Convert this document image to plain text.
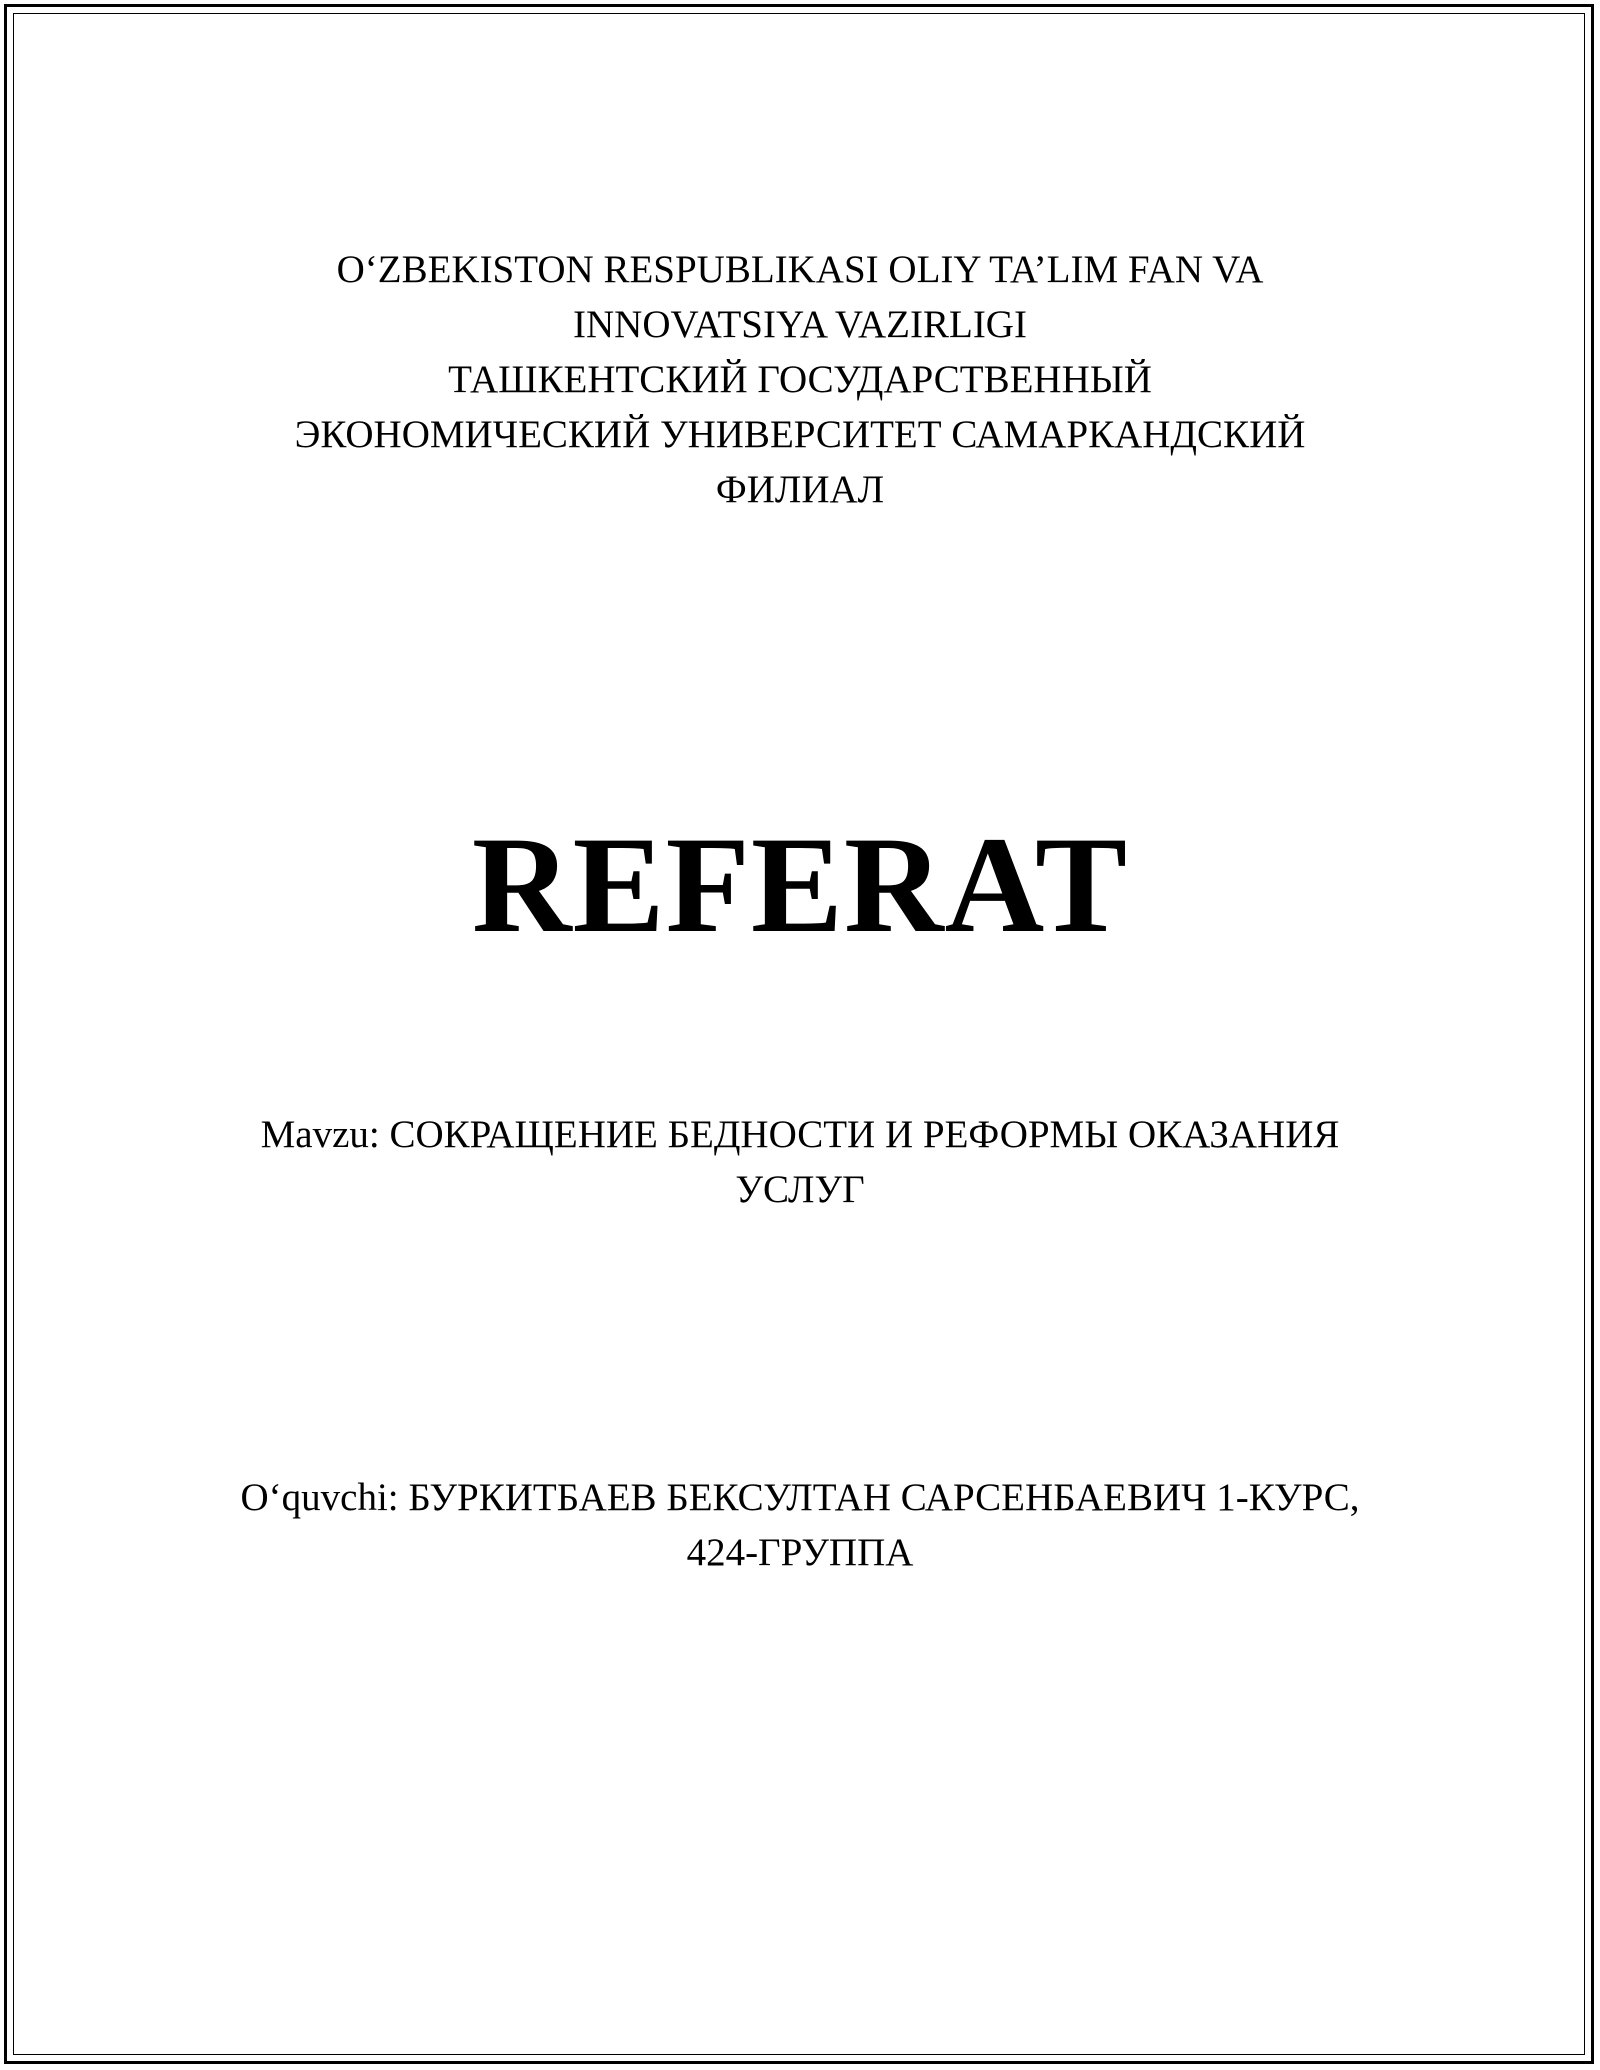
O‘ZBEKISTON RESPUBLIKASI OLIY TA’LIM FAN VA
INNOVATSIYA VAZIRLIGI
ТАШКЕНТСКИЙ ГОСУДАРСТВЕННЫЙ
ЭКОНОМИЧЕСКИЙ УНИВЕРСИТЕТ САМАРКАНДСКИЙ
ФИЛИАЛ
REFERAT
Mavzu: СОКРАЩЕНИЕ БЕДНОСТИ И РЕФОРМЫ ОКАЗАНИЯ
УСЛУГ
O‘quvchi: БУРКИТБАЕВ БЕКСУЛТАН САРСЕНБАЕВИЧ 1-КУРС,
424-ГРУППА
